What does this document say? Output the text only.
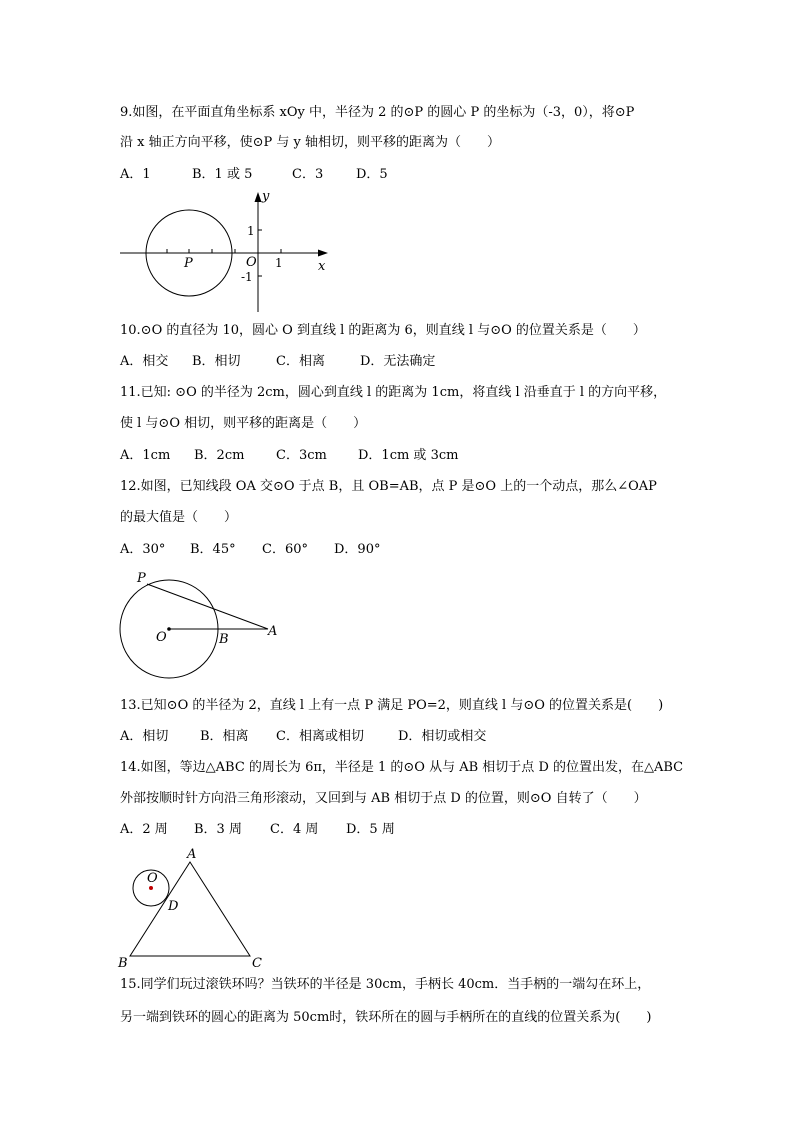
9.如图，在平面直角坐标系 xOy 中，半径为 2 的⊙P 的圆心 P 的坐标为（-3，0），将⊙P
沿 x 轴正方向平移，使⊙P 与 y 轴相切，则平移的距离为（　　）
A．1	B．1 或 5	C．3	D．5
y
x
O 1
1
-1
P
10.⊙O 的直径为 10，圆心 O 到直线 l 的距离为 6，则直线 l 与⊙O 的位置关系是（　　）
A．相交 B．相切	C．相离	D．无法确定
11.已知: ⊙O 的半径为 2cm，圆心到直线 l 的距离为 1cm，将直线 l 沿垂直于 l 的方向平移，
使 l 与⊙O 相切，则平移的距离是（　　）
A．1cm B．2cm C．3cm D．1cm 或 3cm
12.如图，已知线段 OA 交⊙O 于点 B，且 OB=AB，点 P 是⊙O 上的一个动点，那么∠OAP
的最大值是（　　）
A．30° B．45° C．60° D．90°
P
O	B
A
13.已知⊙O 的半径为 2，直线 l 上有一点 P 满足 PO=2，则直线 l 与⊙O 的位置关系是(　　)
A．相切 B．相离 C．相离或相切	D．相切或相交
14.如图，等边△ABC 的周长为 6π，半径是 1 的⊙O 从与 AB 相切于点 D 的位置出发，在△ABC
外部按顺时针方向沿三角形滚动，又回到与 AB 相切于点 D 的位置，则⊙O 自转了（　　）
A．2 周 B．3 周 C．4 周 D．5 周
A
O
D
B	C
15.同学们玩过滚铁环吗？当铁环的半径是 30cm，手柄长 40cm．当手柄的一端勾在环上，
另一端到铁环的圆心的距离为 50cm时，铁环所在的圆与手柄所在的直线的位置关系为(　　)
